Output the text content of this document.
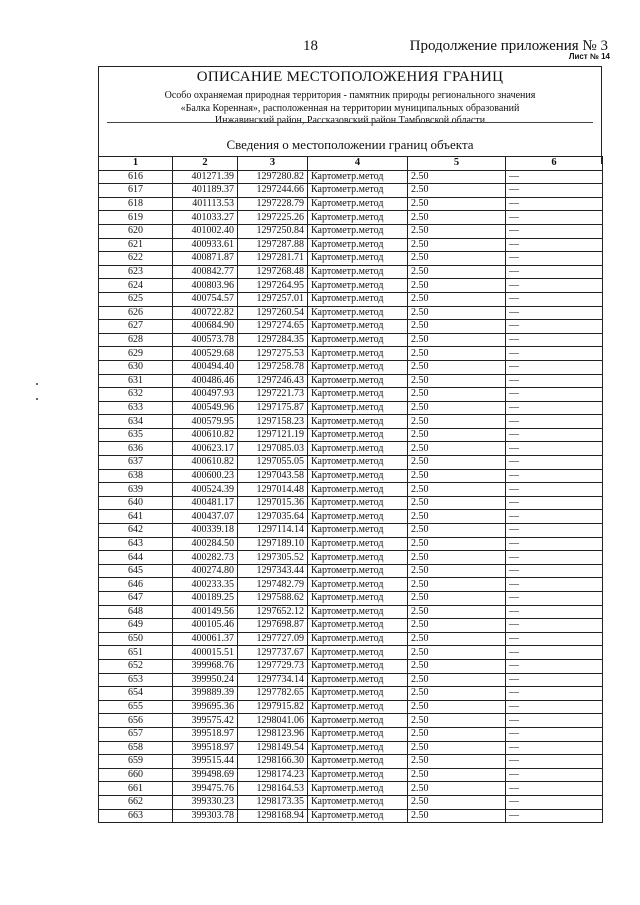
18	Продолжение приложения № 3
Лист № 14
ОПИСАНИЕ МЕСТОПОЛОЖЕНИЯ ГРАНИЦ
Особо охраняемая природная территория - памятник природы регионального значения
«Балка Коренная», расположенная на территории муниципальных образований
Инжавинский район, Рассказовский район Тамбовской области
Сведения о местоположении границ объекта
1	2	3	4	5	6
616	401271.39	1297280.82	Картометр.метод	2.50	—
617	401189.37	1297244.66	Картометр.метод	2.50	—
618	401113.53	1297228.79	Картометр.метод	2.50	—
619	401033.27	1297225.26	Картометр.метод	2.50	—
620	401002.40	1297250.84	Картометр.метод	2.50	—
621	400933.61	1297287.88	Картометр.метод	2.50	—
622	400871.87	1297281.71	Картометр.метод	2.50	—
623	400842.77	1297268.48	Картометр.метод	2.50	—
624	400803.96	1297264.95	Картометр.метод	2.50	—
625	400754.57	1297257.01	Картометр.метод	2.50	—
626	400722.82	1297260.54	Картометр.метод	2.50	—
627	400684.90	1297274.65	Картометр.метод	2.50	—
628	400573.78	1297284.35	Картометр.метод	2.50	—
629	400529.68	1297275.53	Картометр.метод	2.50	—
630	400494.40	1297258.78	Картометр.метод	2.50	—
631	400486.46	1297246.43	Картометр.метод	2.50	—
632	400497.93	1297221.73	Картометр.метод	2.50	—
633	400549.96	1297175.87	Картометр.метод	2.50	—
634	400579.95	1297158.23	Картометр.метод	2.50	—
635	400610.82	1297121.19	Картометр.метод	2.50	—
636	400623.17	1297085.03	Картометр.метод	2.50	—
637	400610.82	1297055.05	Картометр.метод	2.50	—
638	400600.23	1297043.58	Картометр.метод	2.50	—
639	400524.39	1297014.48	Картометр.метод	2.50	—
640	400481.17	1297015.36	Картометр.метод	2.50	—
641	400437.07	1297035.64	Картометр.метод	2.50	—
642	400339.18	1297114.14	Картометр.метод	2.50	—
643	400284.50	1297189.10	Картометр.метод	2.50	—
644	400282.73	1297305.52	Картометр.метод	2.50	—
645	400274.80	1297343.44	Картометр.метод	2.50	—
646	400233.35	1297482.79	Картометр.метод	2.50	—
647	400189.25	1297588.62	Картометр.метод	2.50	—
648	400149.56	1297652.12	Картометр.метод	2.50	—
649	400105.46	1297698.87	Картометр.метод	2.50	—
650	400061.37	1297727.09	Картометр.метод	2.50	—
651	400015.51	1297737.67	Картометр.метод	2.50	—
652	399968.76	1297729.73	Картометр.метод	2.50	—
653	399950.24	1297734.14	Картометр.метод	2.50	—
654	399889.39	1297782.65	Картометр.метод	2.50	—
655	399695.36	1297915.82	Картометр.метод	2.50	—
656	399575.42	1298041.06	Картометр.метод	2.50	—
657	399518.97	1298123.96	Картометр.метод	2.50	—
658	399518.97	1298149.54	Картометр.метод	2.50	—
659	399515.44	1298166.30	Картометр.метод	2.50	—
660	399498.69	1298174.23	Картометр.метод	2.50	—
661	399475.76	1298164.53	Картометр.метод	2.50	—
662	399330.23	1298173.35	Картометр.метод	2.50	—
663	399303.78	1298168.94	Картометр.метод	2.50	—
